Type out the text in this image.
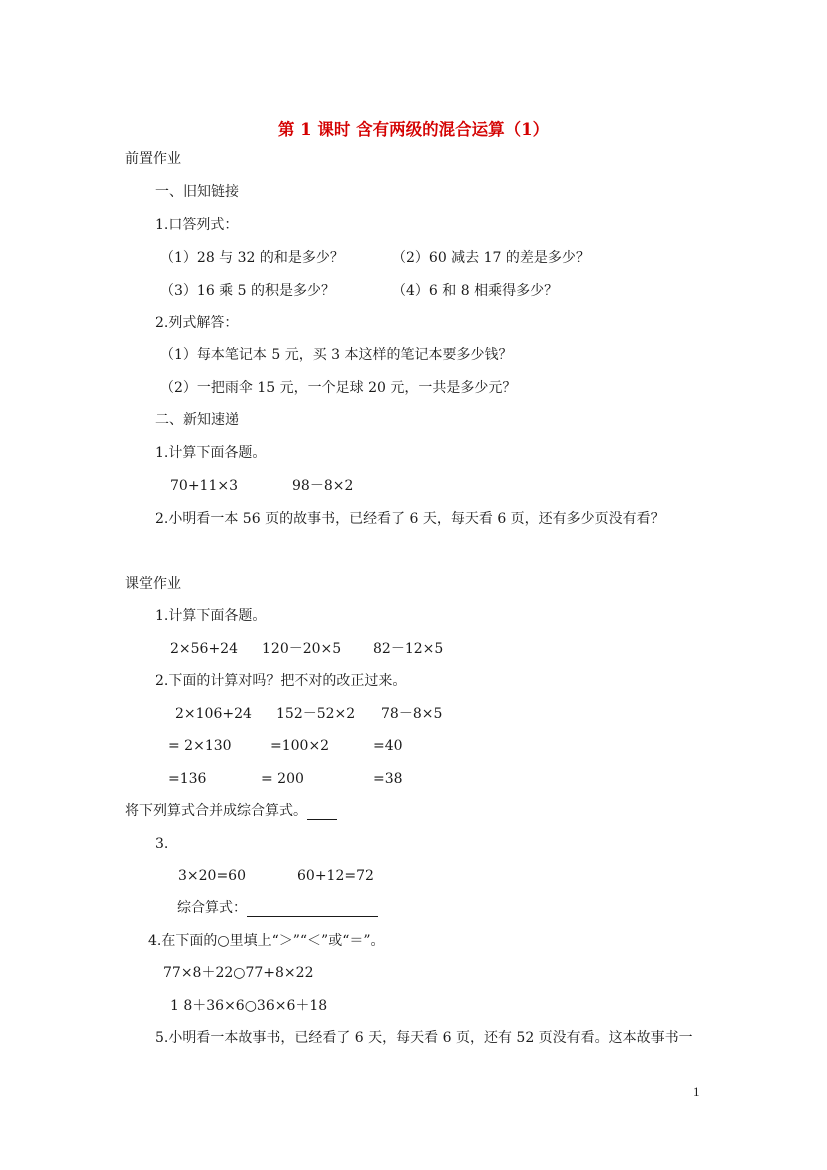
第 1 课时 含有两级的混合运算（1）
前置作业
一、旧知链接
1.口答列式：
（1）28 与 32 的和是多少？	（2）60 减去 17 的差是多少？
（3）16 乘 5 的积是多少？	（4）6 和 8 相乘得多少？
2.列式解答：
（1）每本笔记本 5 元，买 3 本这样的笔记本要多少钱？
（2）一把雨伞 15 元，一个足球 20 元，一共是多少元？
二、新知速递
1.计算下面各题。
70+11×3	98－8×2
2.小明看一本 56 页的故事书，已经看了 6 天，每天看 6 页，还有多少页没有看？
课堂作业
1.计算下面各题。
2×56+24 120－20×5 82－12×5
2.下面的计算对吗？把不对的改正过来。
2×106+24 152－52×2 78－8×5
= 2×130	=100×2	=40
=136	= 200	=38
将下列算式合并成综合算式。
3.
3×20=60	60+12=72
综合算式：
4.在下面的○里填上“＞”“＜”或“＝”。
77×8＋22○77+8×22
1 8＋36×6○36×6＋18
5.小明看一本故事书，已经看了 6 天，每天看 6 页，还有 52 页没有看。这本故事书一
1
